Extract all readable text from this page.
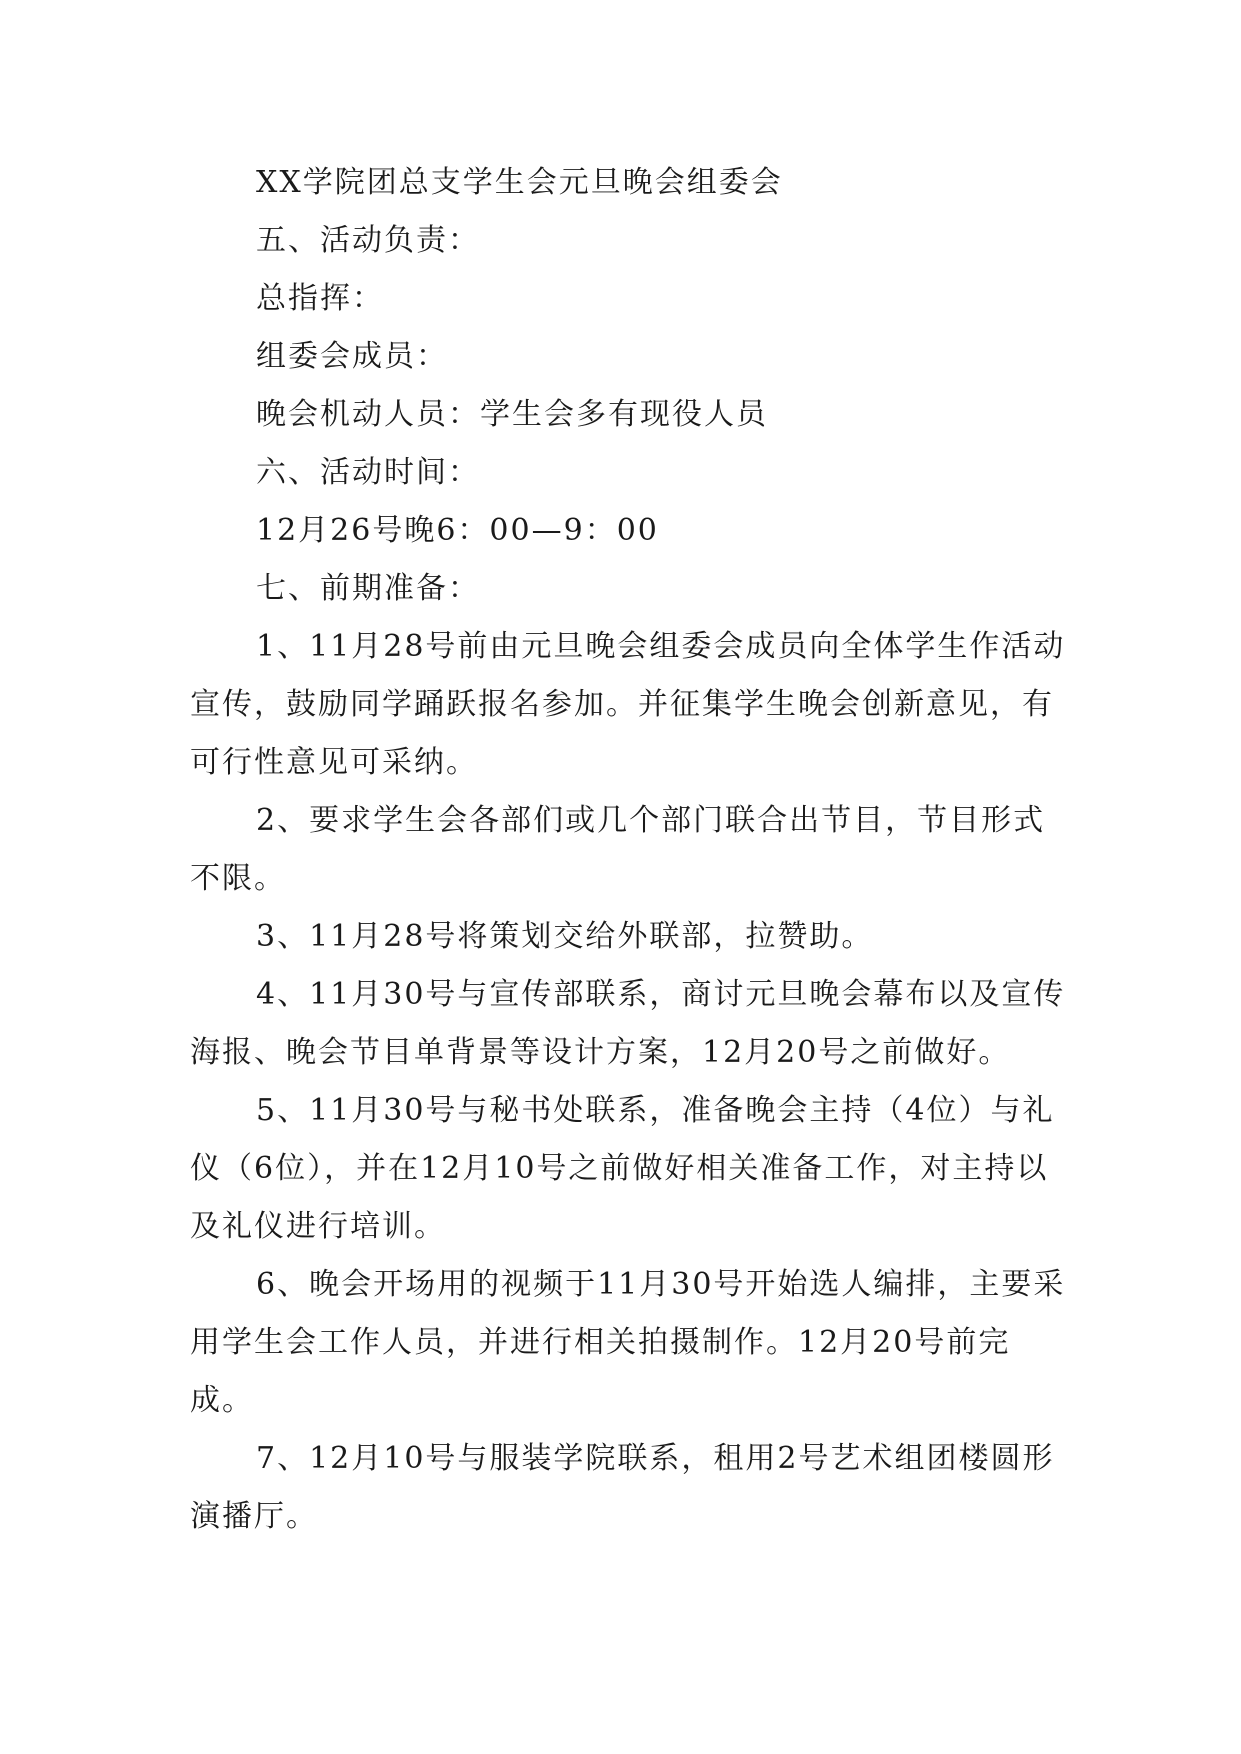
XX学院团总支学生会元旦晚会组委会

五、活动负责：

总指挥：

组委会成员：

晚会机动人员：学生会多有现役人员

六、活动时间：

12月26号晚6：00—9：00

七、前期准备：

1、11月28号前由元旦晚会组委会成员向全体学生作活动宣传，鼓励同学踊跃报名参加。并征集学生晚会创新意见，有可行性意见可采纳。

2、要求学生会各部们或几个部门联合出节目，节目形式不限。

3、11月28号将策划交给外联部，拉赞助。

4、11月30号与宣传部联系，商讨元旦晚会幕布以及宣传海报、晚会节目单背景等设计方案，12月20号之前做好。

5、11月30号与秘书处联系，准备晚会主持（4位）与礼仪（6位），并在12月10号之前做好相关准备工作，对主持以及礼仪进行培训。

6、晚会开场用的视频于11月30号开始选人编排，主要采用学生会工作人员，并进行相关拍摄制作。12月20号前完成。

7、12月10号与服装学院联系，租用2号艺术组团楼圆形演播厅。
